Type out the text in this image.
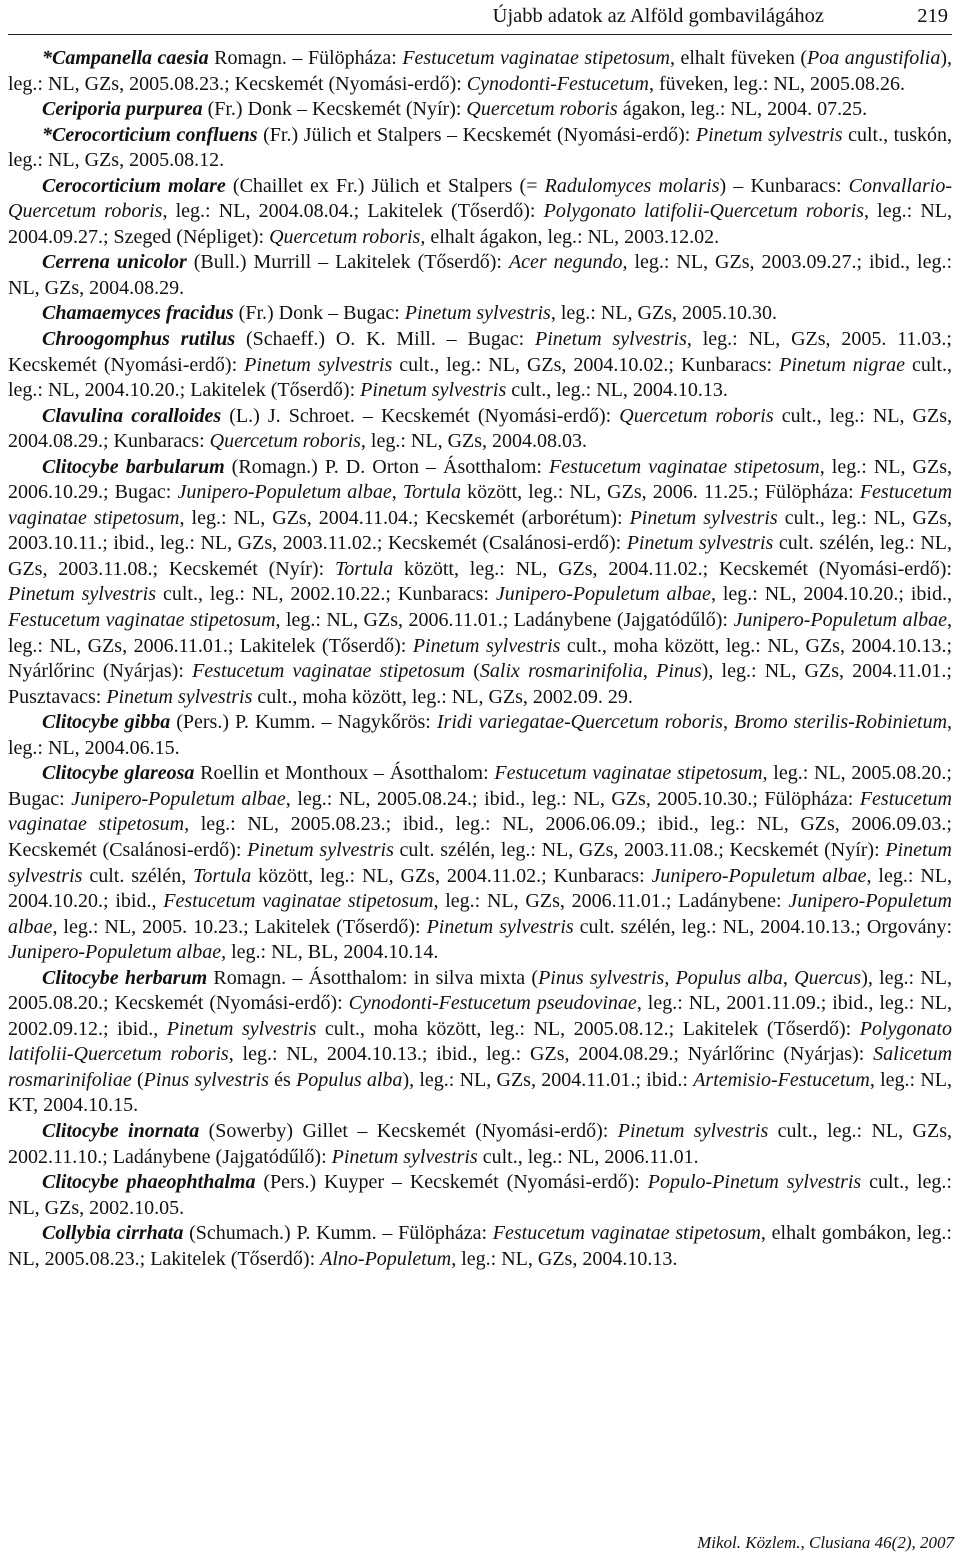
Újabb adatok az Alföld gombavilágához	219

*Campanella caesia Romagn. – Fülöpháza: Festucetum vaginatae stipetosum, elhalt füveken (Poa angustifolia), leg.: NL, GZs, 2005.08.23.; Kecskemét (Nyomási-erdő): Cynodonti-Festucetum, füveken, leg.: NL, 2005.08.26.

Ceriporia purpurea (Fr.) Donk – Kecskemét (Nyír): Quercetum roboris ágakon, leg.: NL, 2004. 07.25.

*Cerocorticium confluens (Fr.) Jülich et Stalpers – Kecskemét (Nyomási-erdő): Pinetum sylvestris cult., tuskón, leg.: NL, GZs, 2005.08.12.

Cerocorticium molare (Chaillet ex Fr.) Jülich et Stalpers (= Radulomyces molaris) – Kunbaracs: Convallario-Quercetum roboris, leg.: NL, 2004.08.04.; Lakitelek (Tőserdő): Polygonato latifolii-Quercetum roboris, leg.: NL, 2004.09.27.; Szeged (Népliget): Quercetum roboris, elhalt ágakon, leg.: NL, 2003.12.02.

Cerrena unicolor (Bull.) Murrill – Lakitelek (Tőserdő): Acer negundo, leg.: NL, GZs, 2003.09.27.; ibid., leg.: NL, GZs, 2004.08.29.

Chamaemyces fracidus (Fr.) Donk – Bugac: Pinetum sylvestris, leg.: NL, GZs, 2005.10.30.

Chroogomphus rutilus (Schaeff.) O. K. Mill. – Bugac: Pinetum sylvestris, leg.: NL, GZs, 2005. 11.03.; Kecskemét (Nyomási-erdő): Pinetum sylvestris cult., leg.: NL, GZs, 2004.10.02.; Kunbaracs: Pinetum nigrae cult., leg.: NL, 2004.10.20.; Lakitelek (Tőserdő): Pinetum sylvestris cult., leg.: NL, 2004.10.13.

Clavulina coralloides (L.) J. Schroet. – Kecskemét (Nyomási-erdő): Quercetum roboris cult., leg.: NL, GZs, 2004.08.29.; Kunbaracs: Quercetum roboris, leg.: NL, GZs, 2004.08.03.

Clitocybe barbularum (Romagn.) P. D. Orton – Ásotthalom: Festucetum vaginatae stipetosum, leg.: NL, GZs, 2006.10.29.; Bugac: Junipero-Populetum albae, Tortula között, leg.: NL, GZs, 2006. 11.25.; Fülöpháza: Festucetum vaginatae stipetosum, leg.: NL, GZs, 2004.11.04.; Kecskemét (arborétum): Pinetum sylvestris cult., leg.: NL, GZs, 2003.10.11.; ibid., leg.: NL, GZs, 2003.11.02.; Kecskemét (Csalánosi-erdő): Pinetum sylvestris cult. szélén, leg.: NL, GZs, 2003.11.08.; Kecskemét (Nyír): Tortula között, leg.: NL, GZs, 2004.11.02.; Kecskemét (Nyomási-erdő): Pinetum sylvestris cult., leg.: NL, 2002.10.22.; Kunbaracs: Junipero-Populetum albae, leg.: NL, 2004.10.20.; ibid., Festucetum vaginatae stipetosum, leg.: NL, GZs, 2006.11.01.; Ladánybene (Jajgatódűlő): Junipero-Populetum albae, leg.: NL, GZs, 2006.11.01.; Lakitelek (Tőserdő): Pinetum sylvestris cult., moha között, leg.: NL, GZs, 2004.10.13.; Nyárlőrinc (Nyárjas): Festucetum vaginatae stipetosum (Salix rosmarinifolia, Pinus), leg.: NL, GZs, 2004.11.01.; Pusztavacs: Pinetum sylvestris cult., moha között, leg.: NL, GZs, 2002.09. 29.

Clitocybe gibba (Pers.) P. Kumm. – Nagykőrös: Iridi variegatae-Quercetum roboris, Bromo sterilis-Robinietum, leg.: NL, 2004.06.15.

Clitocybe glareosa Roellin et Monthoux – Ásotthalom: Festucetum vaginatae stipetosum, leg.: NL, 2005.08.20.; Bugac: Junipero-Populetum albae, leg.: NL, 2005.08.24.; ibid., leg.: NL, GZs, 2005.10.30.; Fülöpháza: Festucetum vaginatae stipetosum, leg.: NL, 2005.08.23.; ibid., leg.: NL, 2006.06.09.; ibid., leg.: NL, GZs, 2006.09.03.; Kecskemét (Csalánosi-erdő): Pinetum sylvestris cult. szélén, leg.: NL, GZs, 2003.11.08.; Kecskemét (Nyír): Pinetum sylvestris cult. szélén, Tortula között, leg.: NL, GZs, 2004.11.02.; Kunbaracs: Junipero-Populetum albae, leg.: NL, 2004.10.20.; ibid., Festucetum vaginatae stipetosum, leg.: NL, GZs, 2006.11.01.; Ladánybene: Junipero-Populetum albae, leg.: NL, 2005. 10.23.; Lakitelek (Tőserdő): Pinetum sylvestris cult. szélén, leg.: NL, 2004.10.13.; Orgovány: Junipero-Populetum albae, leg.: NL, BL, 2004.10.14.

Clitocybe herbarum Romagn. – Ásotthalom: in silva mixta (Pinus sylvestris, Populus alba, Quercus), leg.: NL, 2005.08.20.; Kecskemét (Nyomási-erdő): Cynodonti-Festucetum pseudovinae, leg.: NL, 2001.11.09.; ibid., leg.: NL, 2002.09.12.; ibid., Pinetum sylvestris cult., moha között, leg.: NL, 2005.08.12.; Lakitelek (Tőserdő): Polygonato latifolii-Quercetum roboris, leg.: NL, 2004.10.13.; ibid., leg.: GZs, 2004.08.29.; Nyárlőrinc (Nyárjas): Salicetum rosmarinifoliae (Pinus sylvestris és Populus alba), leg.: NL, GZs, 2004.11.01.; ibid.: Artemisio-Festucetum, leg.: NL, KT, 2004.10.15.

Clitocybe inornata (Sowerby) Gillet – Kecskemét (Nyomási-erdő): Pinetum sylvestris cult., leg.: NL, GZs, 2002.11.10.; Ladánybene (Jajgatódűlő): Pinetum sylvestris cult., leg.: NL, 2006.11.01.

Clitocybe phaeophthalma (Pers.) Kuyper – Kecskemét (Nyomási-erdő): Populo-Pinetum sylvestris cult., leg.: NL, GZs, 2002.10.05.

Collybia cirrhata (Schumach.) P. Kumm. – Fülöpháza: Festucetum vaginatae stipetosum, elhalt gombákon, leg.: NL, 2005.08.23.; Lakitelek (Tőserdő): Alno-Populetum, leg.: NL, GZs, 2004.10.13.

Mikol. Közlem., Clusiana 46(2), 2007
